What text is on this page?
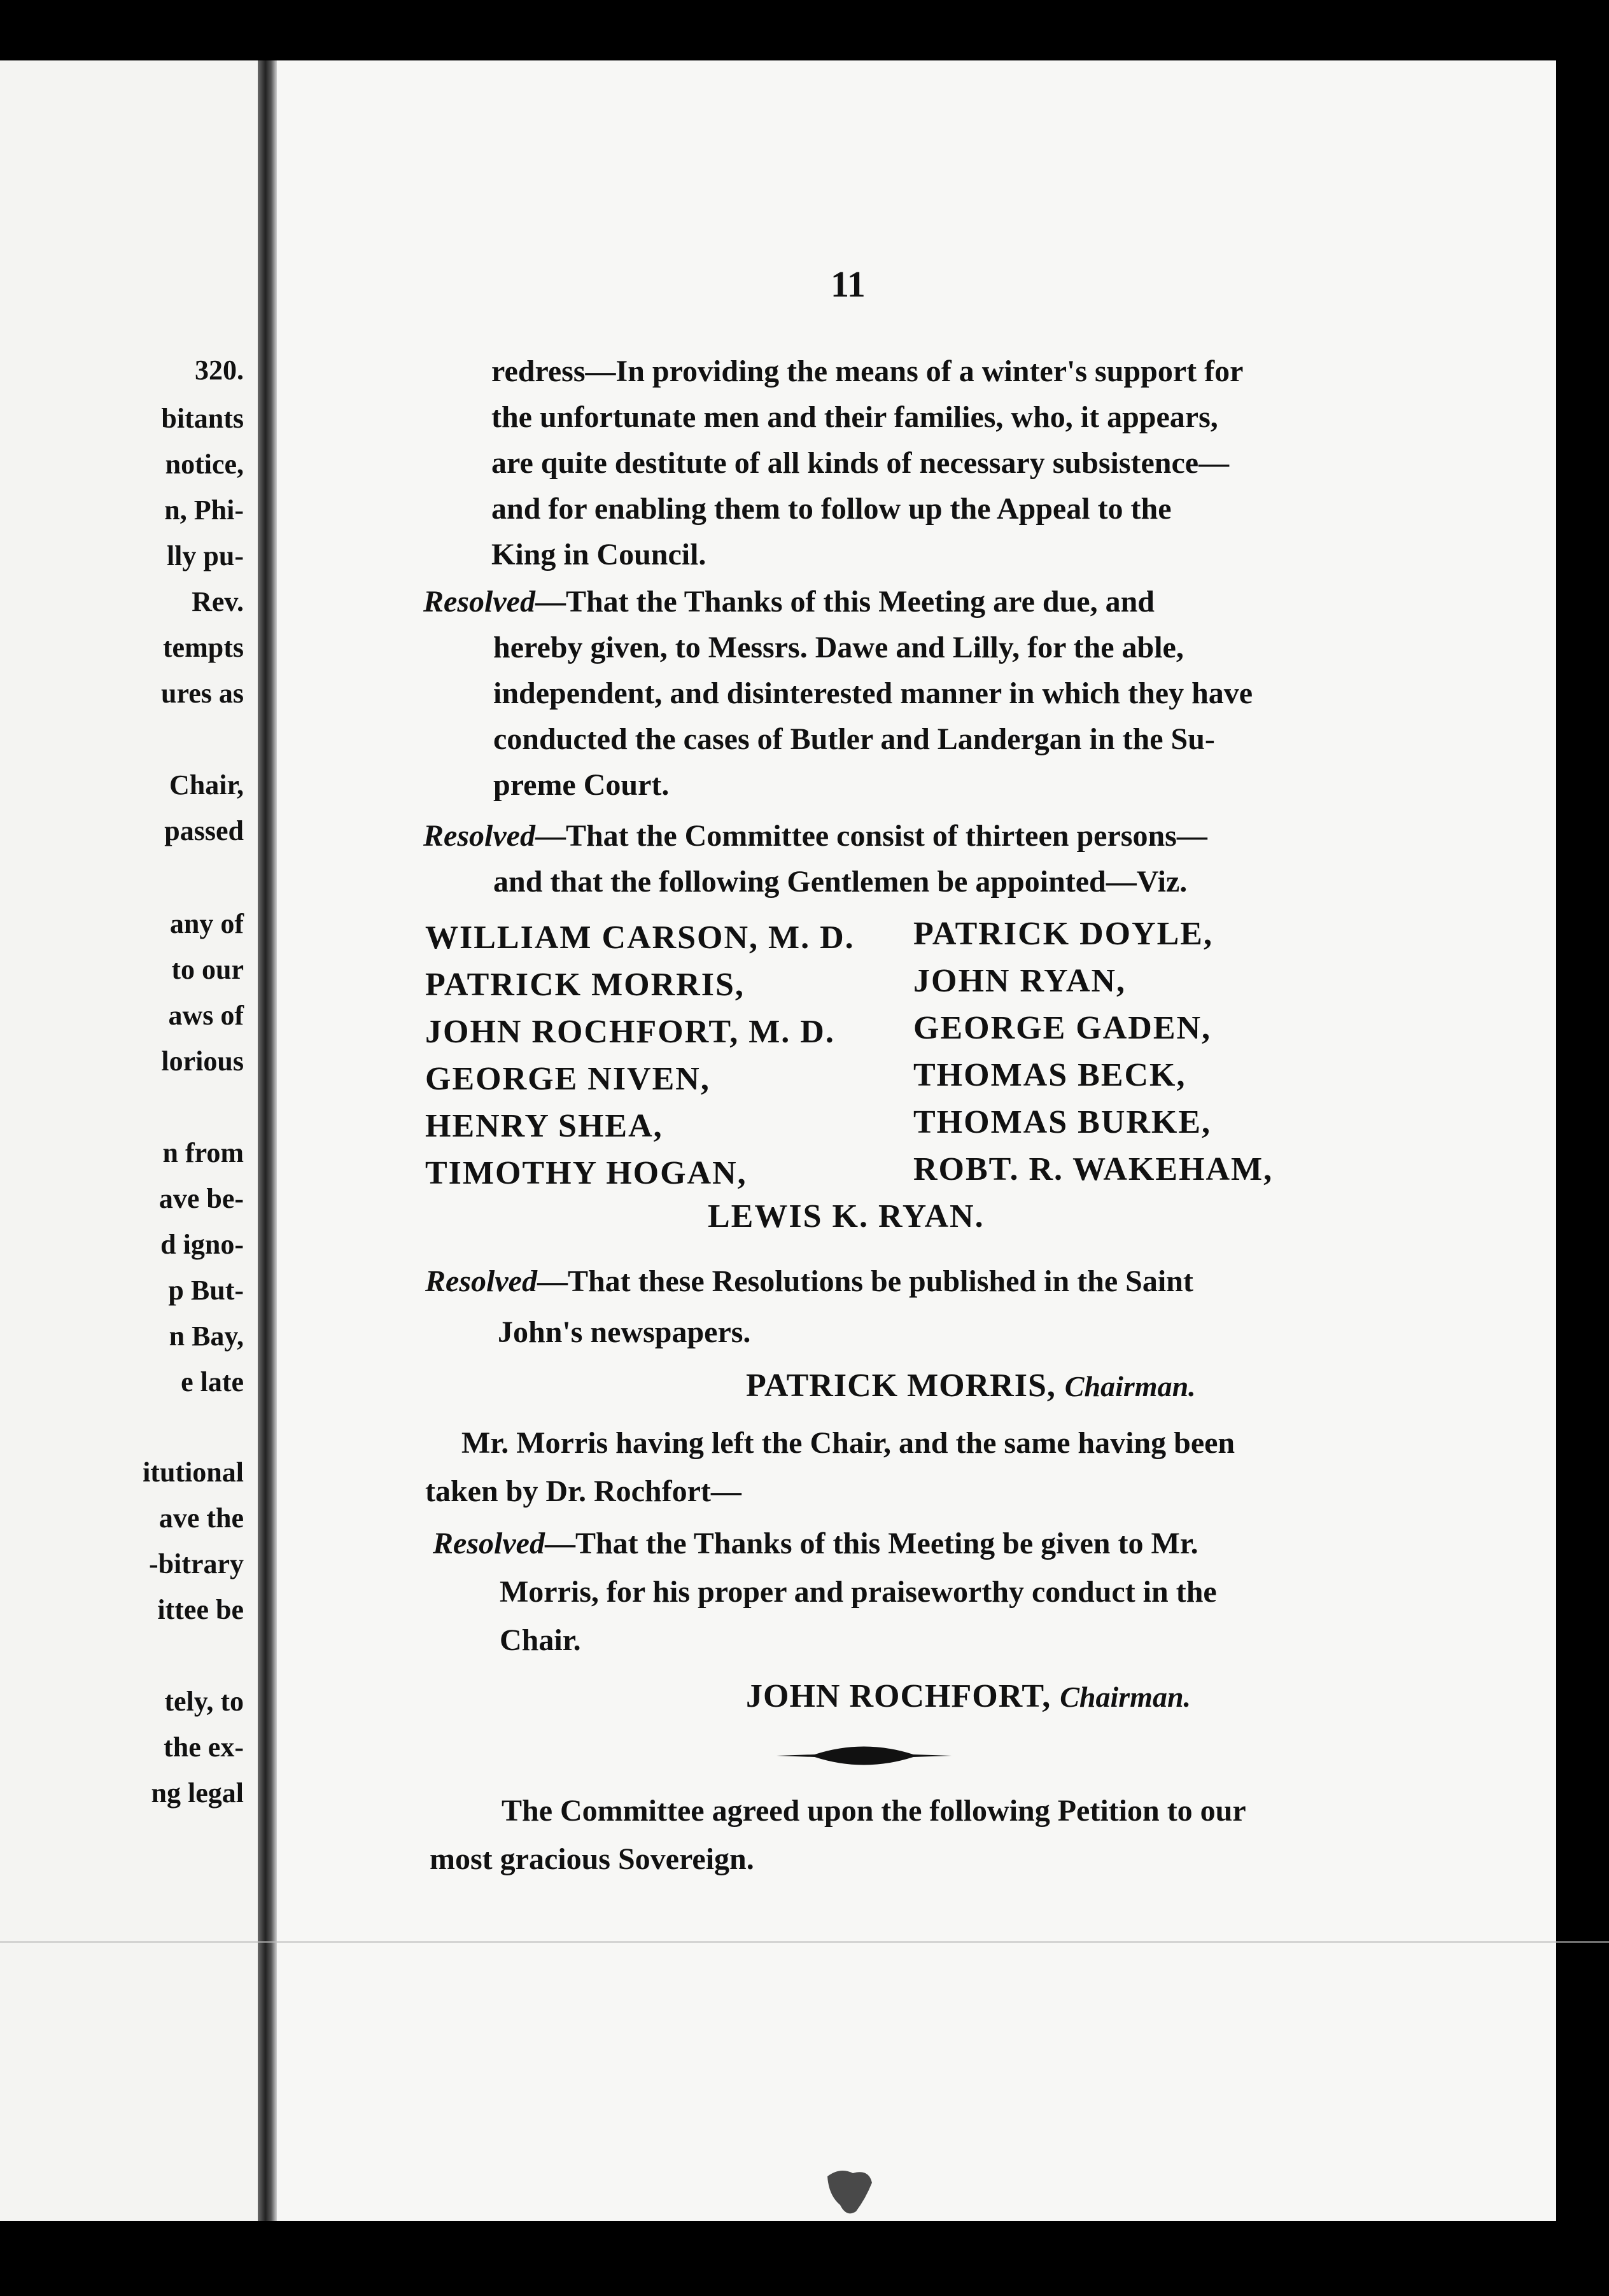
320.
bitants
notice,
n, Phi-
lly pu-
Rev.
tempts
ures as
Chair,
passed
any of
to our
aws of
lorious
n from
ave be-
d igno-
p But-
n Bay,
e late
itutional
ave the
-bitrary
ittee be
tely, to
the ex-
ng legal
11
redress—In providing the means of a winter's support for
the unfortunate men and their families, who, it appears,
are quite destitute of all kinds of necessary subsistence—
and for enabling them to follow up the Appeal to the
King in Council.
Resolved—That the Thanks of this Meeting are due, and
hereby given, to Messrs. Dawe and Lilly, for the able,
independent, and disinterested manner in which they have
conducted the cases of Butler and Landergan in the Su-
preme Court.
Resolved—That the Committee consist of thirteen persons—
and that the following Gentlemen be appointed—Viz.
WILLIAM CARSON, M. D.
PATRICK MORRIS,
JOHN ROCHFORT, M. D.
GEORGE NIVEN,
HENRY SHEA,
TIMOTHY HOGAN,
PATRICK DOYLE,
JOHN RYAN,
GEORGE GADEN,
THOMAS BECK,
THOMAS BURKE,
ROBT. R. WAKEHAM,
LEWIS K. RYAN.
Resolved—That these Resolutions be published in the Saint
John's newspapers.
PATRICK MORRIS, Chairman.
Mr. Morris having left the Chair, and the same having been
taken by Dr. Rochfort—
Resolved—That the Thanks of this Meeting be given to Mr.
Morris, for his proper and praiseworthy conduct in the
Chair.
JOHN ROCHFORT, Chairman.
The Committee agreed upon the following Petition to our
most gracious Sovereign.
